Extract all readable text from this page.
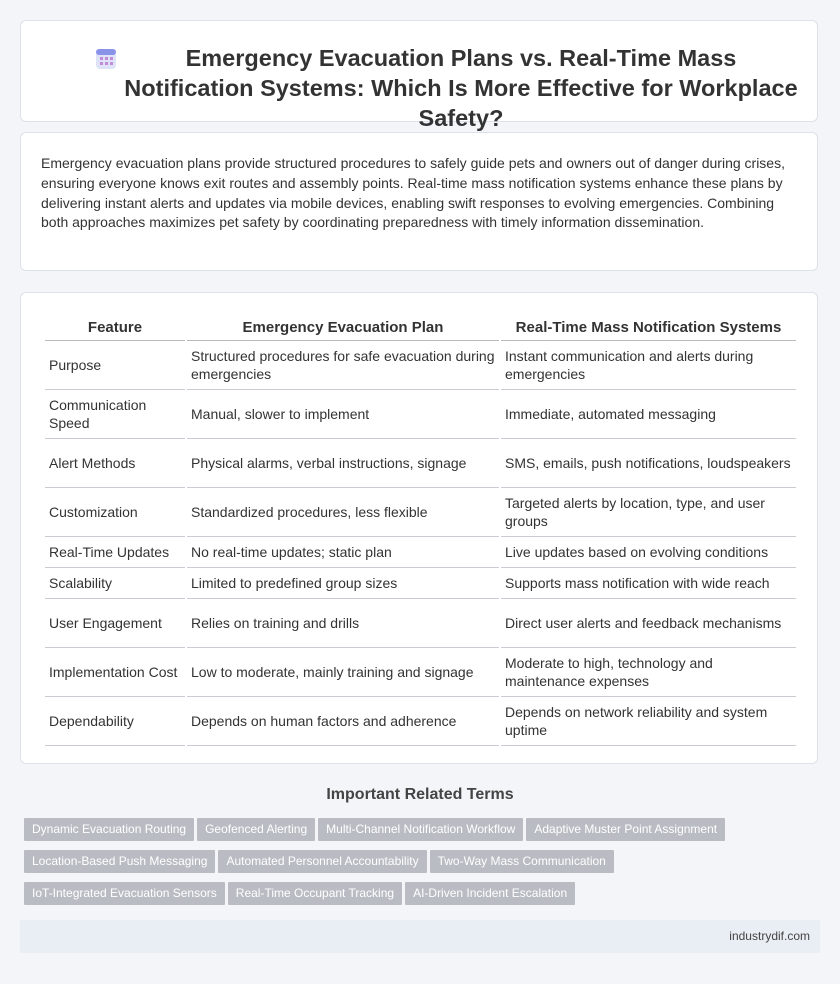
Emergency Evacuation Plans vs. Real-Time Mass Notification Systems: Which Is More Effective for Workplace Safety?

Emergency evacuation plans provide structured procedures to safely guide pets and owners out of danger during crises, ensuring everyone knows exit routes and assembly points. Real-time mass notification systems enhance these plans by delivering instant alerts and updates via mobile devices, enabling swift responses to evolving emergencies. Combining both approaches maximizes pet safety by coordinating preparedness with timely information dissemination.

Feature	Emergency Evacuation Plan	Real-Time Mass Notification Systems
Purpose	Structured procedures for safe evacuation during emergencies	Instant communication and alerts during emergencies
Communication Speed	Manual, slower to implement	Immediate, automated messaging
Alert Methods	Physical alarms, verbal instructions, signage	SMS, emails, push notifications, loudspeakers
Customization	Standardized procedures, less flexible	Targeted alerts by location, type, and user groups
Real-Time Updates	No real-time updates; static plan	Live updates based on evolving conditions
Scalability	Limited to predefined group sizes	Supports mass notification with wide reach
User Engagement	Relies on training and drills	Direct user alerts and feedback mechanisms
Implementation Cost	Low to moderate, mainly training and signage	Moderate to high, technology and maintenance expenses
Dependability	Depends on human factors and adherence	Depends on network reliability and system uptime
Important Related Terms
Dynamic Evacuation Routing Geofenced Alerting Multi-Channel Notification Workflow Adaptive Muster Point Assignment
Location-Based Push Messaging Automated Personnel Accountability Two-Way Mass Communication
IoT-Integrated Evacuation Sensors Real-Time Occupant Tracking AI-Driven Incident Escalation
industrydif.com
